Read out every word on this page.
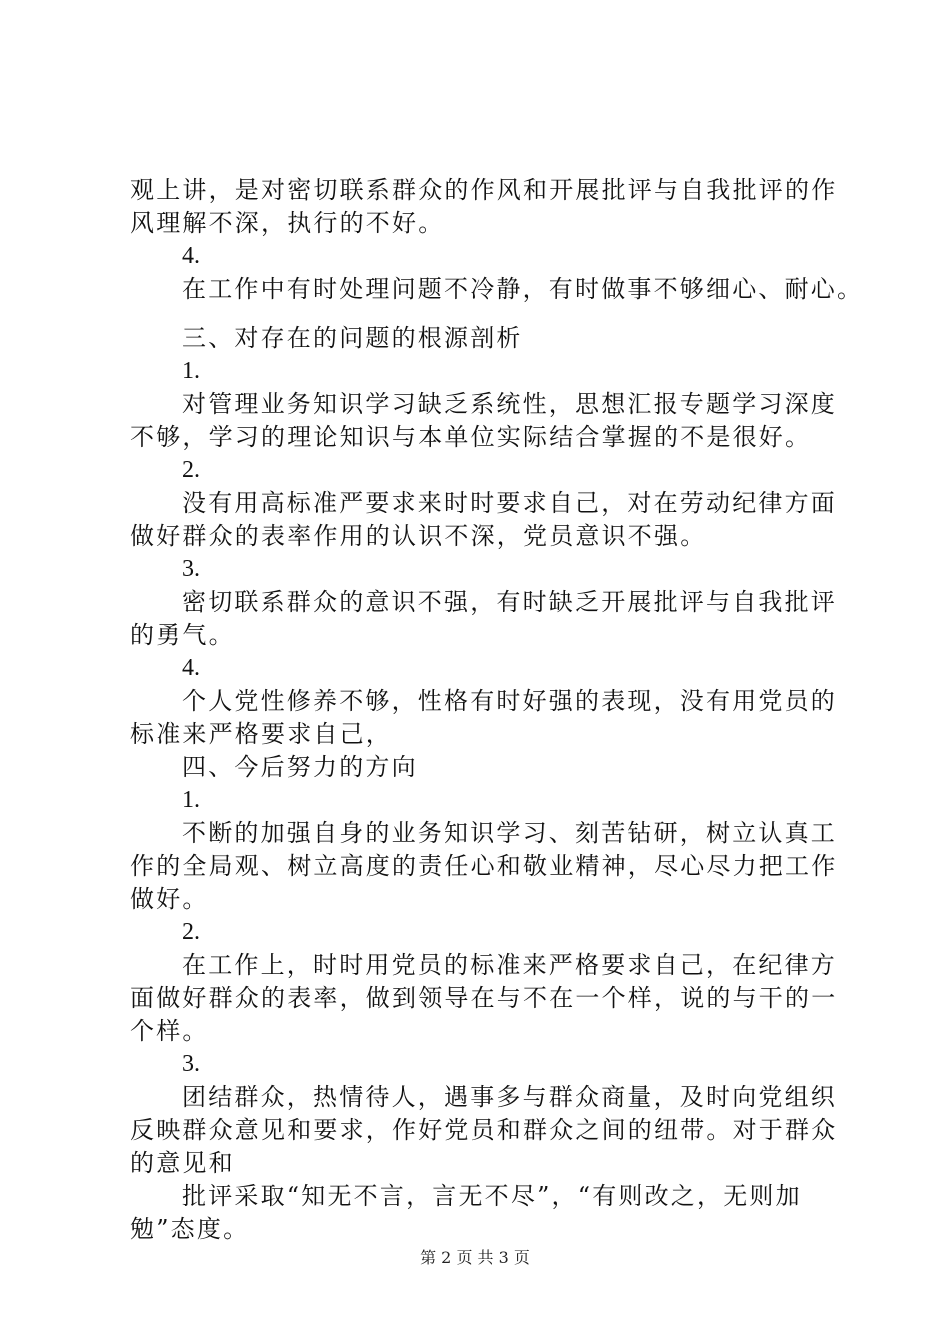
观上讲，是对密切联系群众的作风和开展批评与自我批评的作
风理解不深，执行的不好。
4.
在工作中有时处理问题不冷静，有时做事不够细心、耐心。
三、对存在的问题的根源剖析
1.
对管理业务知识学习缺乏系统性，思想汇报专题学习深度
不够，学习的理论知识与本单位实际结合掌握的不是很好。
2.
没有用高标准严要求来时时要求自己，对在劳动纪律方面
做好群众的表率作用的认识不深，党员意识不强。
3.
密切联系群众的意识不强，有时缺乏开展批评与自我批评
的勇气。
4.
个人党性修养不够，性格有时好强的表现，没有用党员的
标准来严格要求自己，
四、今后努力的方向
1.
不断的加强自身的业务知识学习、刻苦钻研，树立认真工
作的全局观、树立高度的责任心和敬业精神，尽心尽力把工作
做好。
2.
在工作上，时时用党员的标准来严格要求自己，在纪律方
面做好群众的表率，做到领导在与不在一个样，说的与干的一
个样。
3.
团结群众，热情待人，遇事多与群众商量，及时向党组织
反映群众意见和要求，作好党员和群众之间的纽带。对于群众
的意见和
批评采取“知无不言，言无不尽”，“有则改之，无则加
勉”态度。
第 2 页 共 3 页
